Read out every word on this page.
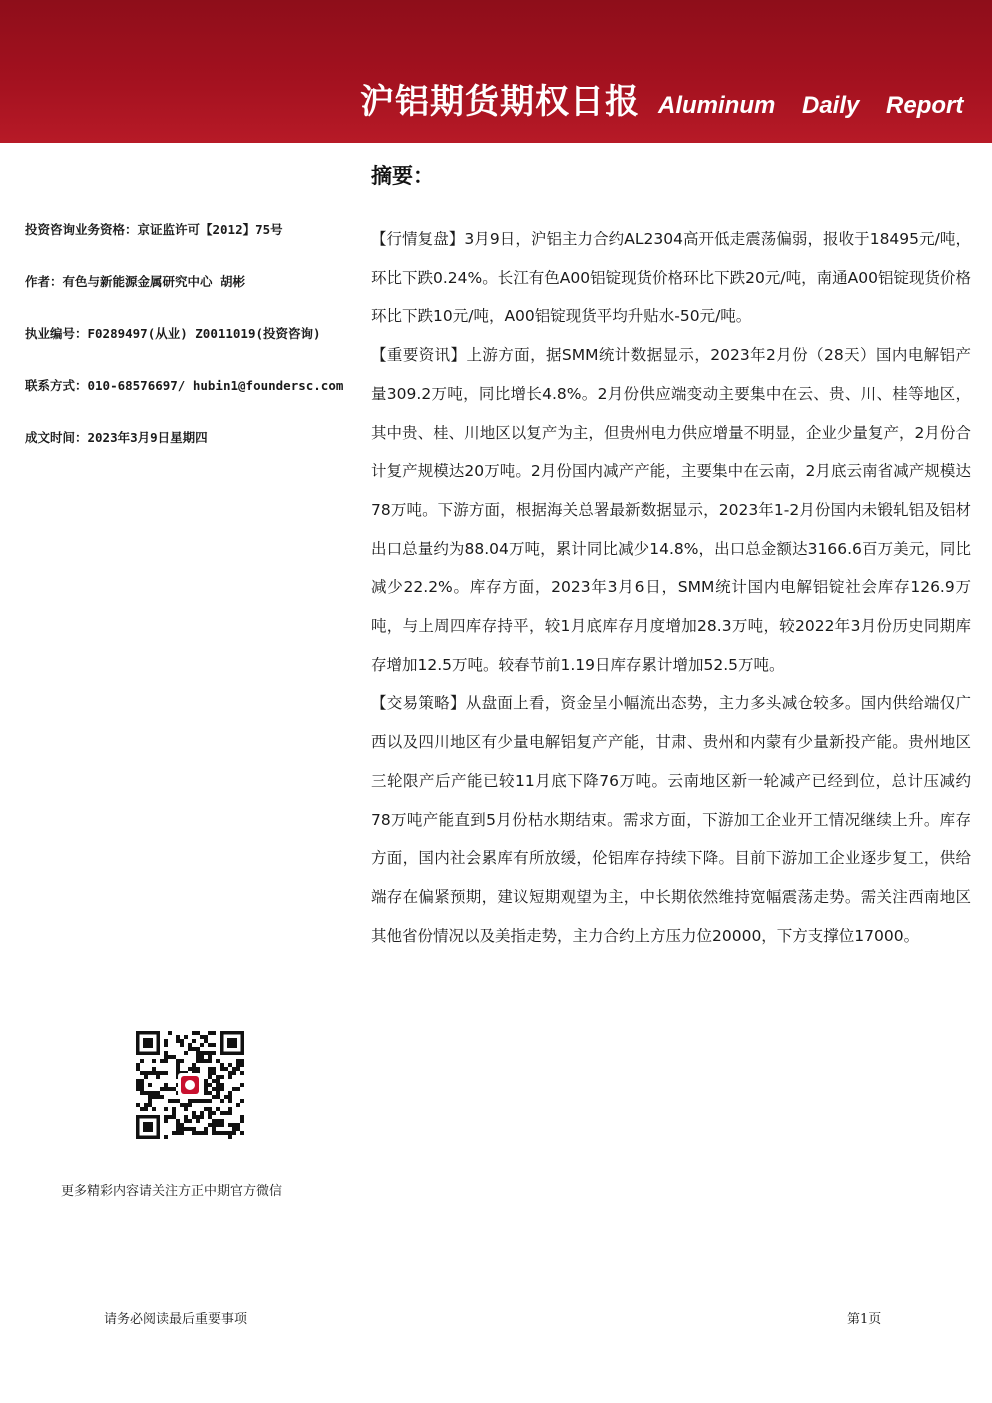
沪铝期货期权日报 Aluminum Daily Report
投资咨询业务资格：京证监许可【2012】75号
作者：有色与新能源金属研究中心 胡彬
执业编号：F0289497(从业) Z0011019(投资咨询)
联系方式：010-68576697/ hubin1@foundersc.com
成文时间：2023年3月9日星期四
更多精彩内容请关注方正中期官方微信
摘要：

【行情复盘】3月9日，沪铝主力合约AL2304高开低走震荡偏弱，报收于18495元/吨，环比下跌0.24%。长江有色A00铝锭现货价格环比下跌20元/吨，南通A00铝锭现货价格环比下跌10元/吨，A00铝锭现货平均升贴水-50元/吨。

【重要资讯】上游方面，据SMM统计数据显示，2023年2月份（28天）国内电解铝产量309.2万吨，同比增长4.8%。2月份供应端变动主要集中在云、贵、川、桂等地区，其中贵、桂、川地区以复产为主，但贵州电力供应增量不明显，企业少量复产，2月份合计复产规模达20万吨。2月份国内减产产能，主要集中在云南，2月底云南省减产规模达78万吨。下游方面，根据海关总署最新数据显示，2023年1-2月份国内未锻轧铝及铝材出口总量约为88.04万吨，累计同比减少14.8%，出口总金额达3166.6百万美元，同比减少22.2%。库存方面，2023年3月6日，SMM统计国内电解铝锭社会库存126.9万吨，与上周四库存持平，较1月底库存月度增加28.3万吨，较2022年3月份历史同期库存增加12.5万吨。较春节前1.19日库存累计增加52.5万吨。

【交易策略】从盘面上看，资金呈小幅流出态势，主力多头减仓较多。国内供给端仅广西以及四川地区有少量电解铝复产产能，甘肃、贵州和内蒙有少量新投产能。贵州地区三轮限产后产能已较11月底下降76万吨。云南地区新一轮减产已经到位，总计压减约78万吨产能直到5月份枯水期结束。需求方面，下游加工企业开工情况继续上升。库存方面，国内社会累库有所放缓，伦铝库存持续下降。目前下游加工企业逐步复工，供给端存在偏紧预期，建议短期观望为主，中长期依然维持宽幅震荡走势。需关注西南地区其他省份情况以及美指走势，主力合约上方压力位20000，下方支撑位17000。

请务必阅读最后重要事项	第1页
